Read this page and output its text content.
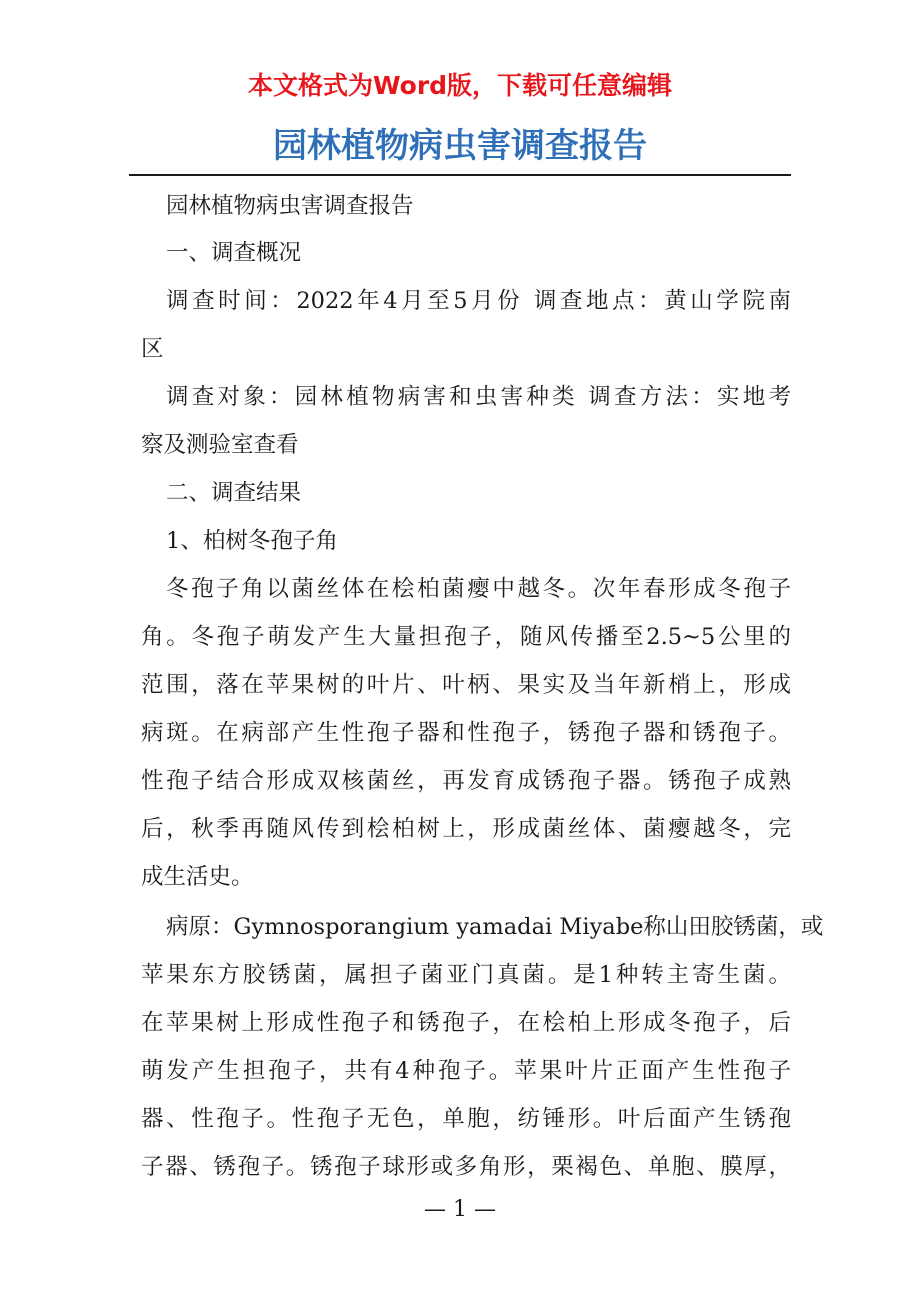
本文格式为Word版，下载可任意编辑
园林植物病虫害调查报告
园林植物病虫害调查报告
一、调查概况
调查时间：2022年4月至5月份 调查地点：黄山学院南
区
调查对象：园林植物病害和虫害种类 调查方法：实地考
察及测验室查看
二、调查结果
1、柏树冬孢子角
冬孢子角以菌丝体在桧柏菌瘿中越冬。次年春形成冬孢子
角。冬孢子萌发产生大量担孢子，随风传播至2.5~5公里的
范围，落在苹果树的叶片、叶柄、果实及当年新梢上，形成
病斑。在病部产生性孢子器和性孢子，锈孢子器和锈孢子。
性孢子结合形成双核菌丝，再发育成锈孢子器。锈孢子成熟
后，秋季再随风传到桧柏树上，形成菌丝体、菌瘿越冬，完
成生活史。
病原：Gymnosporangium yamadai Miyabe称山田胶锈菌，或
苹果东方胶锈菌，属担子菌亚门真菌。是1种转主寄生菌。
在苹果树上形成性孢子和锈孢子，在桧柏上形成冬孢子，后
萌发产生担孢子，共有4种孢子。苹果叶片正面产生性孢子
器、性孢子。性孢子无色，单胞，纺锤形。叶后面产生锈孢
子器、锈孢子。锈孢子球形或多角形，栗褐色、单胞、膜厚，
— 1 —
